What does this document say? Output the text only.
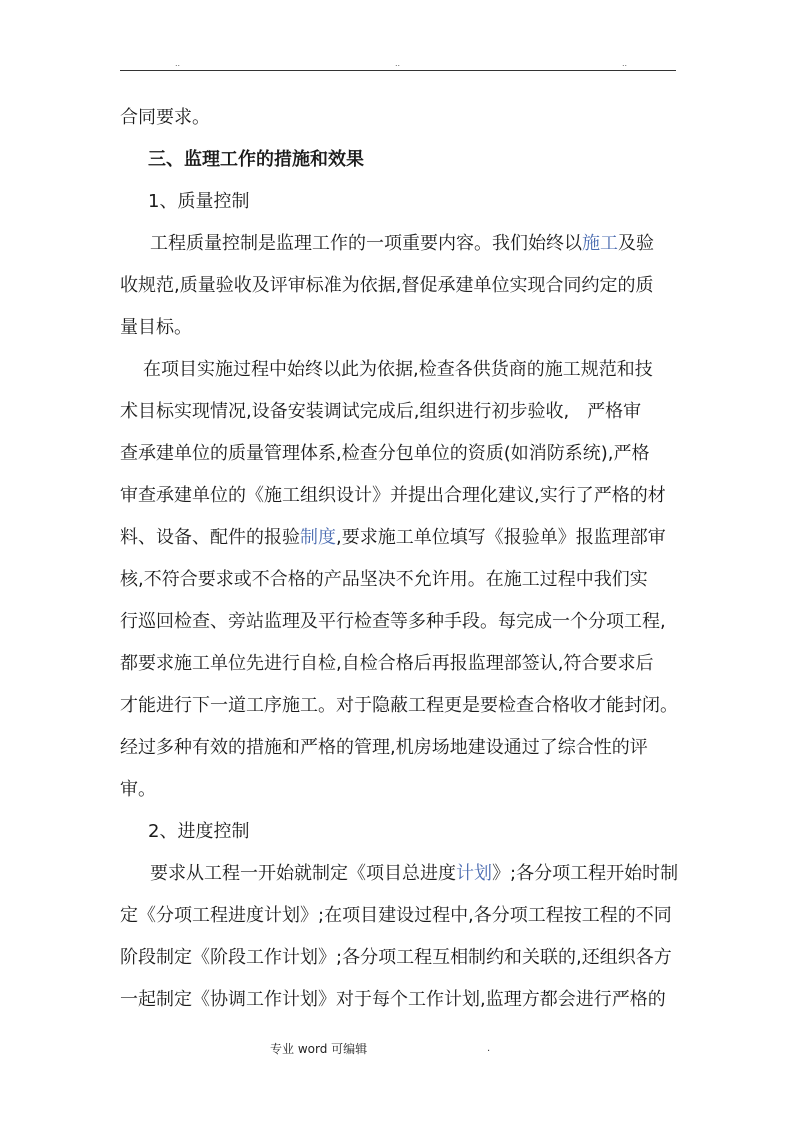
..	..	..
合同要求。
三、监理工作的措施和效果
1、质量控制
工程质量控制是监理工作的一项重要内容。我们始终以施工及验
收规范,质量验收及评审标准为依据,督促承建单位实现合同约定的质
量目标。
在项目实施过程中始终以此为依据,检查各供货商的施工规范和技
术目标实现情况,设备安装调试完成后,组织进行初步验收,　严格审
查承建单位的质量管理体系,检查分包单位的资质(如消防系统),严格
审查承建单位的《施工组织设计》并提出合理化建议,实行了严格的材
料、设备、配件的报验制度,要求施工单位填写《报验单》报监理部审
核,不符合要求或不合格的产品坚决不允许用。在施工过程中我们实
行巡回检查、旁站监理及平行检查等多种手段。每完成一个分项工程,
都要求施工单位先进行自检,自检合格后再报监理部签认,符合要求后
才能进行下一道工序施工。对于隐蔽工程更是要检查合格收才能封闭。
经过多种有效的措施和严格的管理,机房场地建设通过了综合性的评
审。
2、进度控制
要求从工程一开始就制定《项目总进度计划》;各分项工程开始时制
定《分项工程进度计划》;在项目建设过程中,各分项工程按工程的不同
阶段制定《阶段工作计划》;各分项工程互相制约和关联的,还组织各方
一起制定《协调工作计划》对于每个工作计划,监理方都会进行严格的
专业 word 可编辑	.
